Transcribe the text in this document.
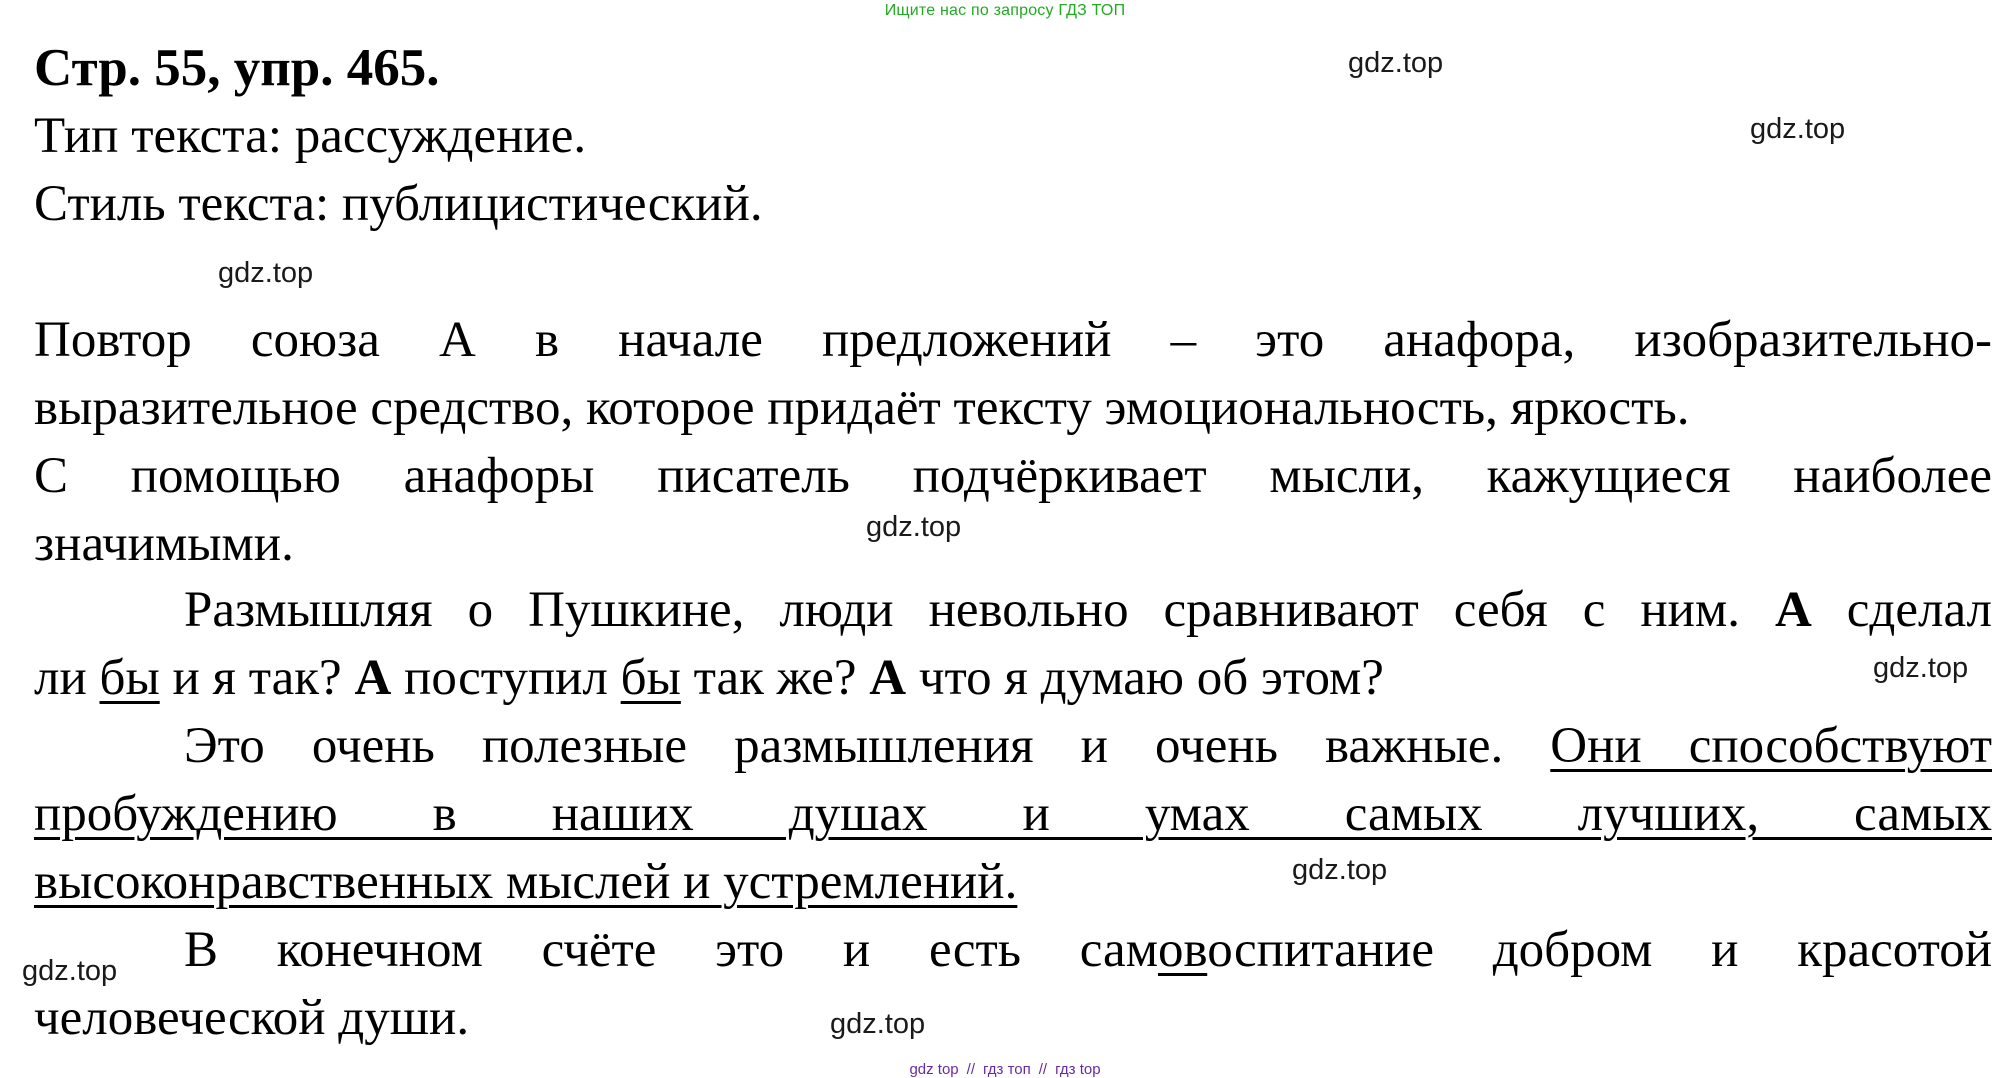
Ищите нас по запросу ГДЗ ТОП
gdz.top
gdz.top
gdz.top
gdz.top
gdz.top
gdz.top
gdz.top
gdz.top
Стр. 55, упр. 465.
Тип текста: рассуждение.
Стиль текста: публицистический.
Повтор союза А в начале предложений – это анафора, изобразительно-
выразительное средство, которое придаёт тексту эмоциональность, яркость.
С помощью анафоры писатель подчёркивает мысли, кажущиеся наиболее
значимыми.
Размышляя о Пушкине, люди невольно сравнивают себя с ним. А сделал
ли бы и я так? А поступил бы так же? А что я думаю об этом?
Это очень полезные размышления и очень важные. Они способствуют
пробуждению в наших душах и умах самых лучших, самых
высоконравственных мыслей и устремлений.
В конечном счёте это и есть самовоспитание добром и красотой
человеческой души.
gdz top // гдз топ // гдз top
